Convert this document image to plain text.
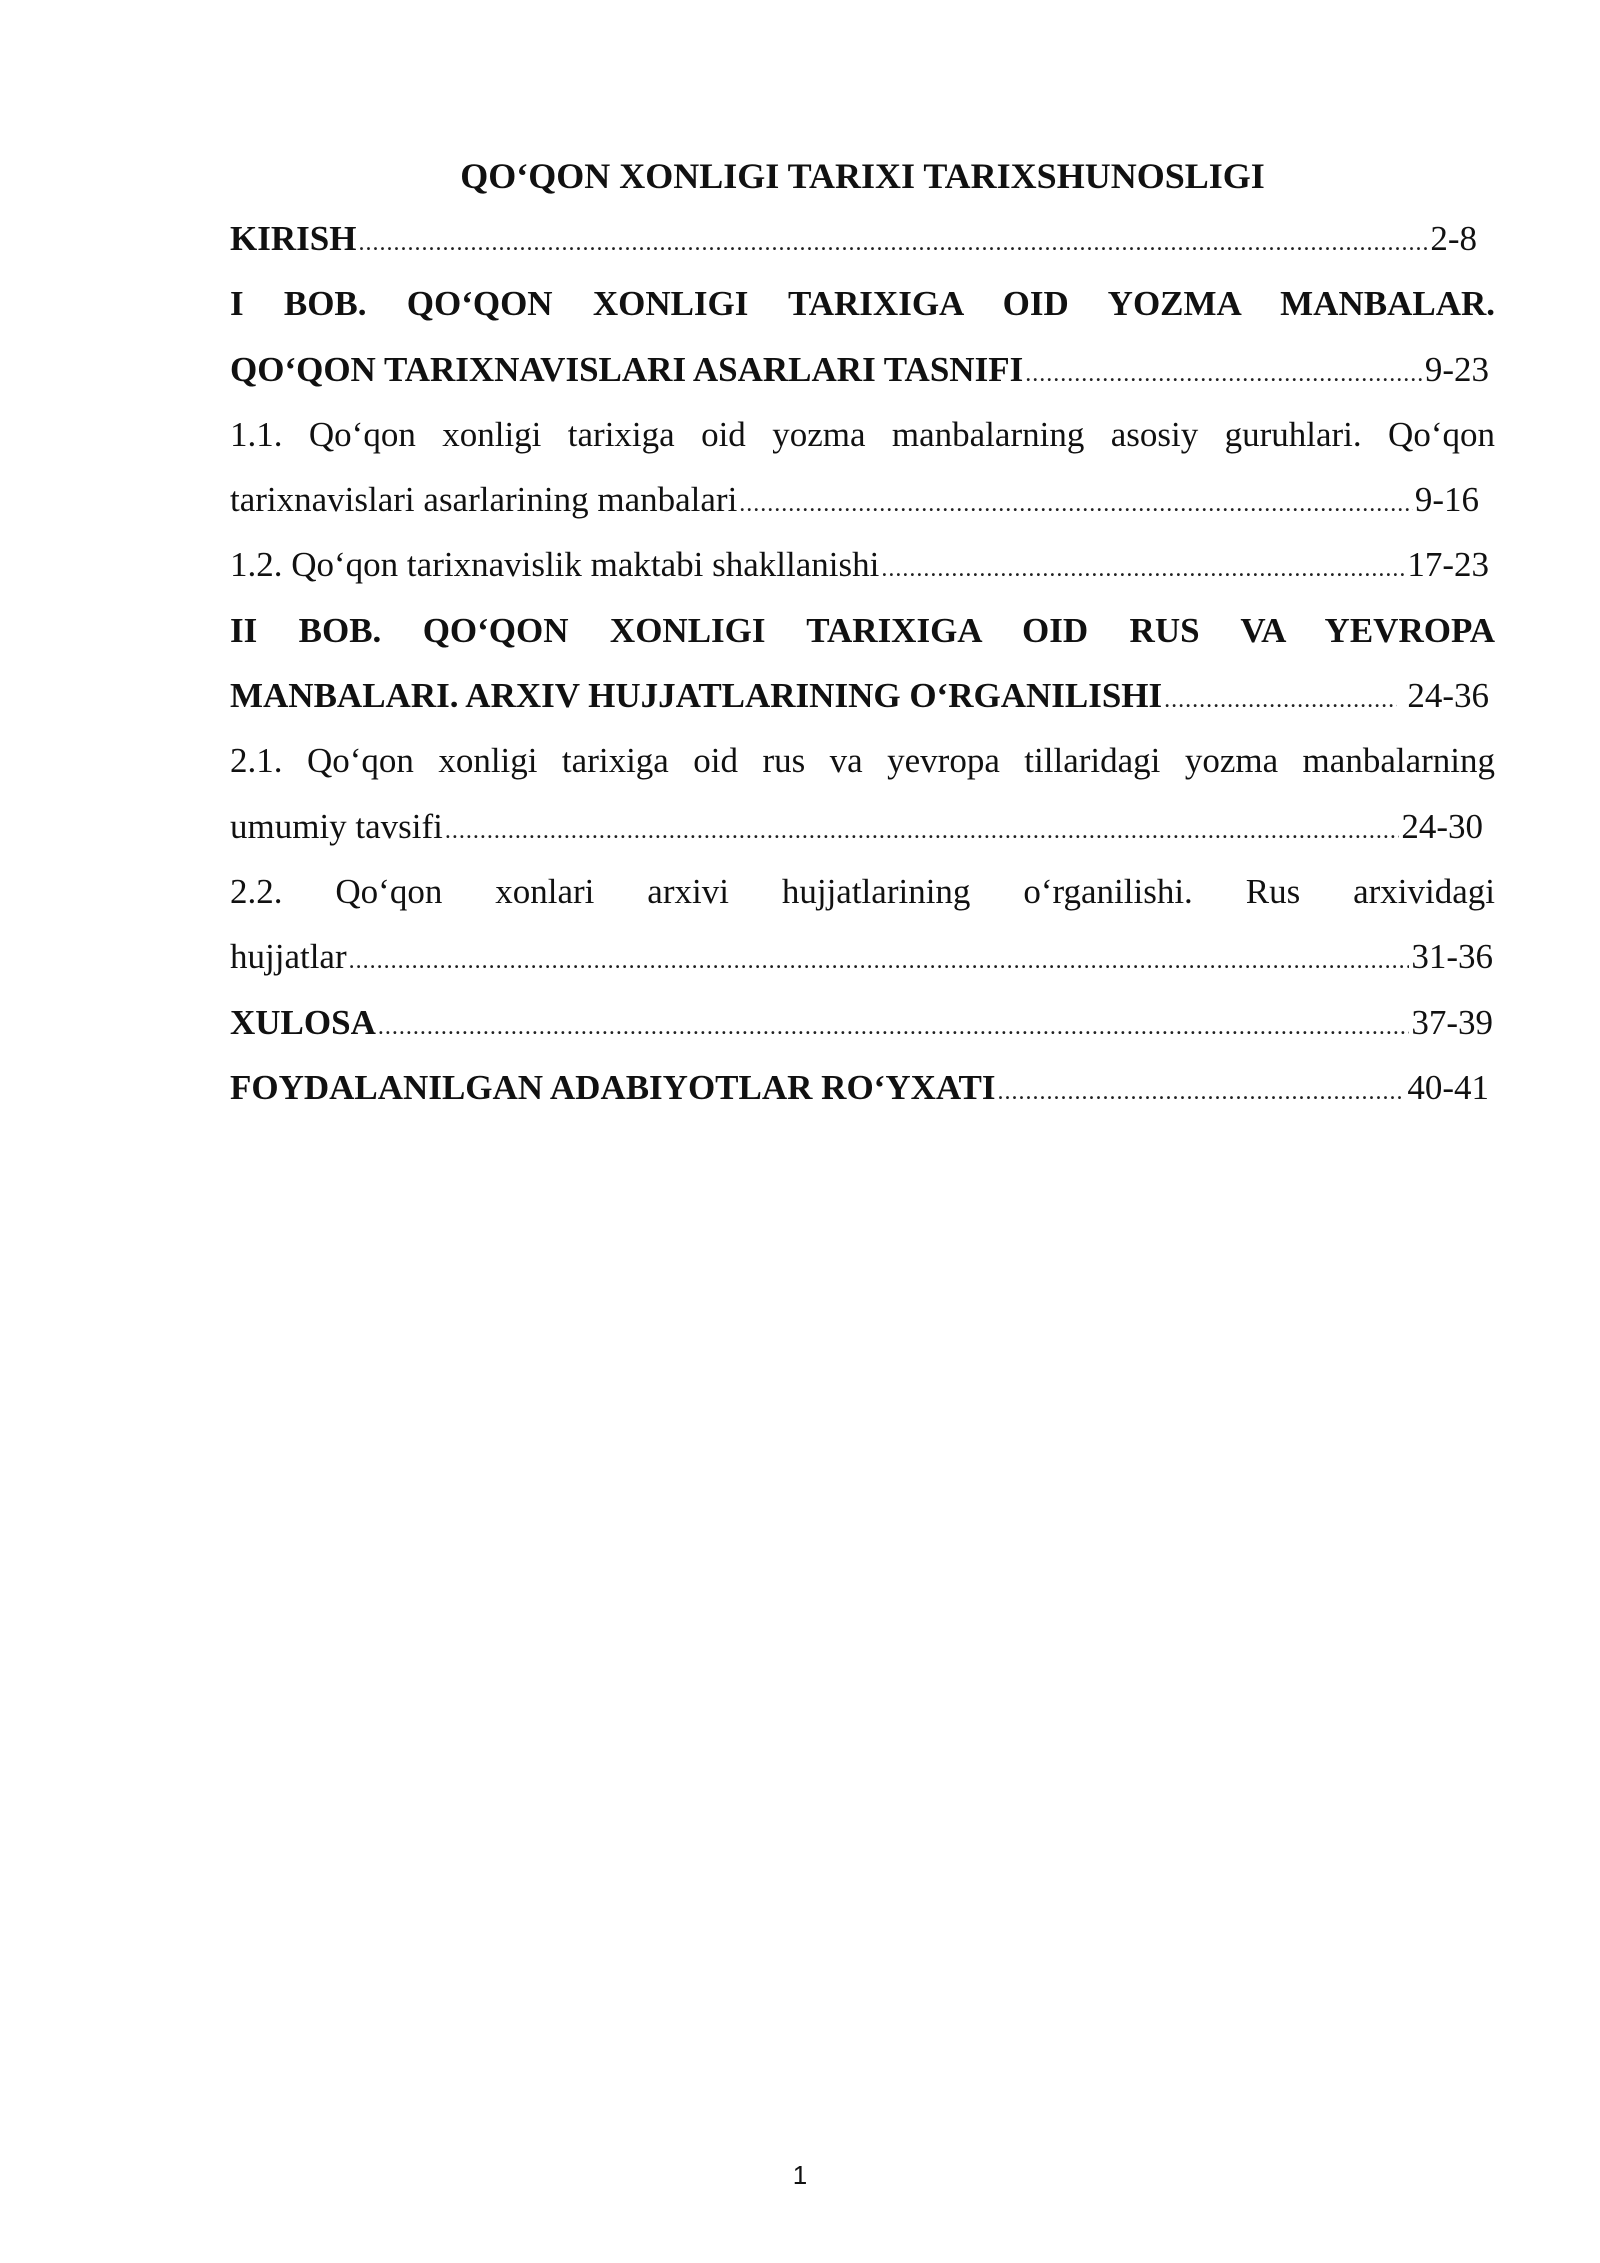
QO‘QON XONLIGI TARIXI TARIXSHUNOSLIGI
KIRISH .....	2-8
I BOB. QO‘QON XONLIGI TARIXIGA OID YOZMA MANBALAR.
QO‘QON TARIXNAVISLARI ASARLARI TASNIFI .....	9-23
1.1. Qo‘qon xonligi tarixiga oid yozma manbalarning asosiy guruhlari. Qo‘qon
tarixnavislari asarlarining manbalari .....	9-16
1.2. Qo‘qon tarixnavislik maktabi shakllanishi .....	17-23
II BOB. QO‘QON XONLIGI TARIXIGA OID RUS VA YEVROPA
MANBALARI. ARXIV HUJJATLARINING O‘RGANILISHI .....	24-36
2.1. Qo‘qon xonligi tarixiga oid rus va yevropa tillaridagi yozma manbalarning
umumiy tavsifi .....	24-30
2.2. Qo‘qon xonlari arxivi hujjatlarining o‘rganilishi. Rus arxividagi
hujjatlar .....	31-36
XULOSA .....	37-39
FOYDALANILGAN ADABIYOTLAR RO‘YXATI .....	40-41
1
